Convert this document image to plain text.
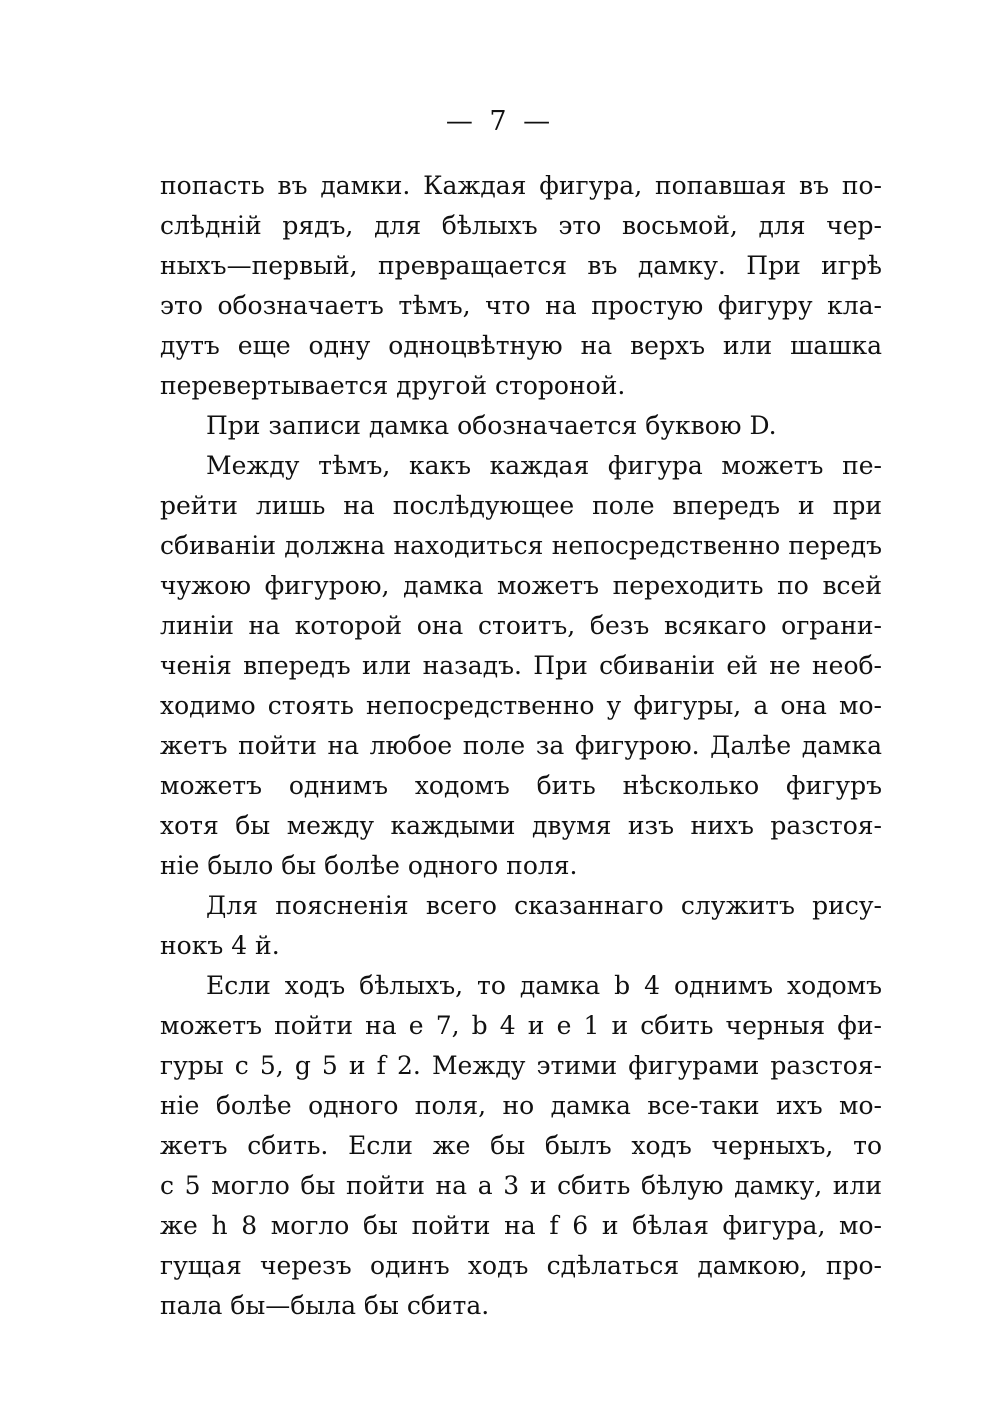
— 7 —
попасть въ дамки. Каждая фигура, попавшая въ по-
слѣднiй рядъ, для бѣлыхъ это восьмой, для чер-
ныхъ—первый, превращается въ дамку. При игрѣ
это обозначаетъ тѣмъ, что на простую фигуру кла-
дутъ еще одну одноцвѣтную на верхъ или шашка
перевертывается другой стороной.
При записи дамка обозначается буквою D.
Между тѣмъ, какъ каждая фигура можетъ пе-
рейти лишь на послѣдующее поле впередъ и при
сбиванiи должна находиться непосредственно передъ
чужою фигурою, дамка можетъ переходить по всей
линiи на которой она стоитъ, безъ всякаго ограни-
ченiя впередъ или назадъ. При сбиванiи ей не необ-
ходимо стоять непосредственно у фигуры, а она мо-
жетъ пойти на любое поле за фигурою. Далѣе дамка
можетъ однимъ ходомъ бить нѣсколько фигуръ
хотя бы между каждыми двумя изъ нихъ разстоя-
нiе было бы болѣе одного поля.
Для поясненiя всего сказаннаго служитъ рису-
нокъ 4 й.
Если ходъ бѣлыхъ, то дамка b 4 однимъ ходомъ
можетъ пойти на е 7, b 4 и е 1 и сбить черныя фи-
гуры с 5, g 5 и f 2. Между этими фигурами разстоя-
нiе болѣе одного поля, но дамка все-таки ихъ мо-
жетъ сбить. Если же бы былъ ходъ черныхъ, то
с 5 могло бы пойти на а 3 и сбить бѣлую дамку, или
же h 8 могло бы пойти на f 6 и бѣлая фигура, мо-
гущая черезъ одинъ ходъ сдѣлаться дамкою, про-
пала бы—была бы сбита.
